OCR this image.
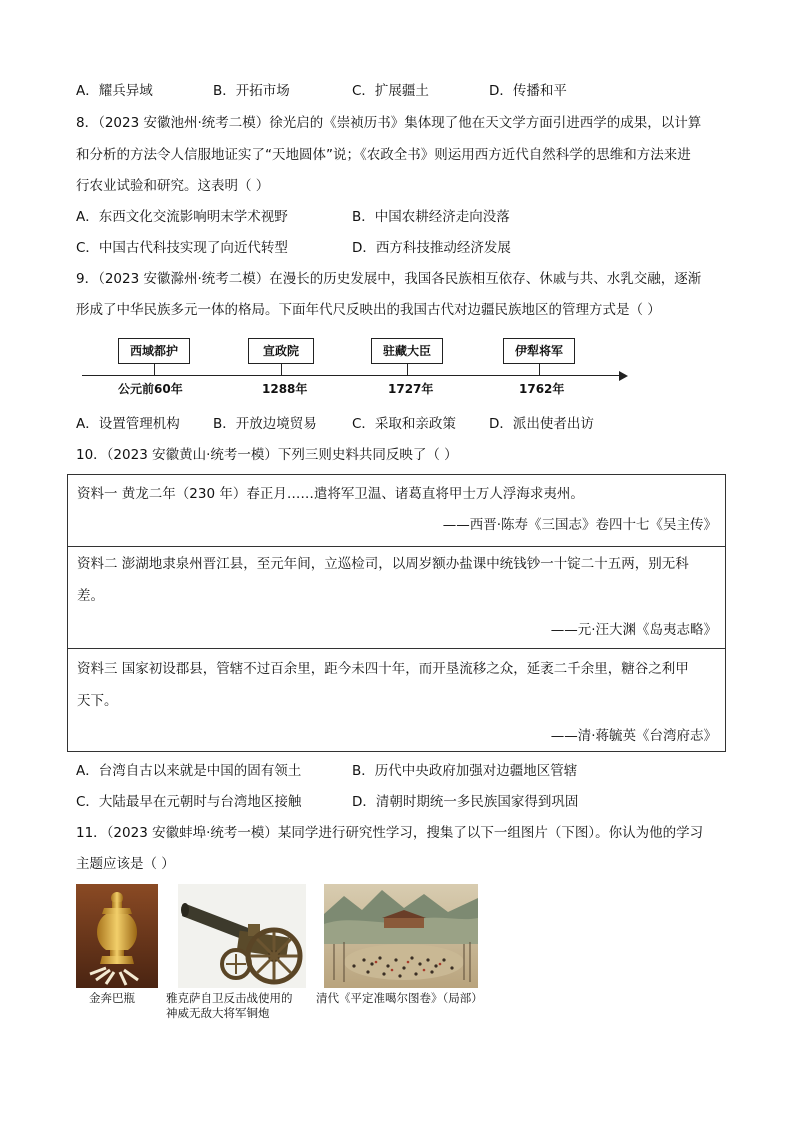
A．耀兵异域	B．开拓市场	C．扩展疆土	D．传播和平
8．（2023 安徽池州·统考二模）徐光启的《崇祯历书》集体现了他在天文学方面引进西学的成果，以计算
和分析的方法令人信服地证实了“天地圆体”说；《农政全书》则运用西方近代自然科学的思维和方法来进
行农业试验和研究。这表明（ ）
A．东西文化交流影响明末学术视野	B．中国农耕经济走向没落
C．中国古代科技实现了向近代转型	D．西方科技推动经济发展
9．（2023 安徽滁州·统考二模）在漫长的历史发展中，我国各民族相互依存、休戚与共、水乳交融，逐渐
形成了中华民族多元一体的格局。下面年代尺反映出的我国古代对边疆民族地区的管理方式是（ ）
西域都护
公元前60年
宣政院
1288年
驻藏大臣
1727年
伊犁将军
1762年
A．设置管理机构 B．开放边境贸易	C．采取和亲政策 D．派出使者出访
10．（2023 安徽黄山·统考一模）下列三则史料共同反映了（ ）
资料一 黄龙二年（230 年）春正月……遣将军卫温、诸葛直将甲士万人浮海求夷州。
——西晋·陈寿《三国志》卷四十七《吴主传》
资料二 澎湖地隶泉州晋江县，至元年间，立巡检司，以周岁额办盐课中统钱钞一十锭二十五两，别无科
差。
——元·汪大渊《岛夷志略》
资料三 国家初设郡县，管辖不过百余里，距今未四十年，而开垦流移之众，延袤二千余里，糖谷之利甲
天下。
——清·蒋毓英《台湾府志》
A．台湾自古以来就是中国的固有领土	B．历代中央政府加强对边疆地区管辖
C．大陆最早在元朝时与台湾地区接触	D．清朝时期统一多民族国家得到巩固
11．（2023 安徽蚌埠·统考一模）某同学进行研究性学习，搜集了以下一组图片（下图）。你认为他的学习
主题应该是（ ）
金奔巴瓶	雅克萨自卫反击战使用的
神威无敌大将军铜炮
清代《平定准噶尔图卷》（局部）
